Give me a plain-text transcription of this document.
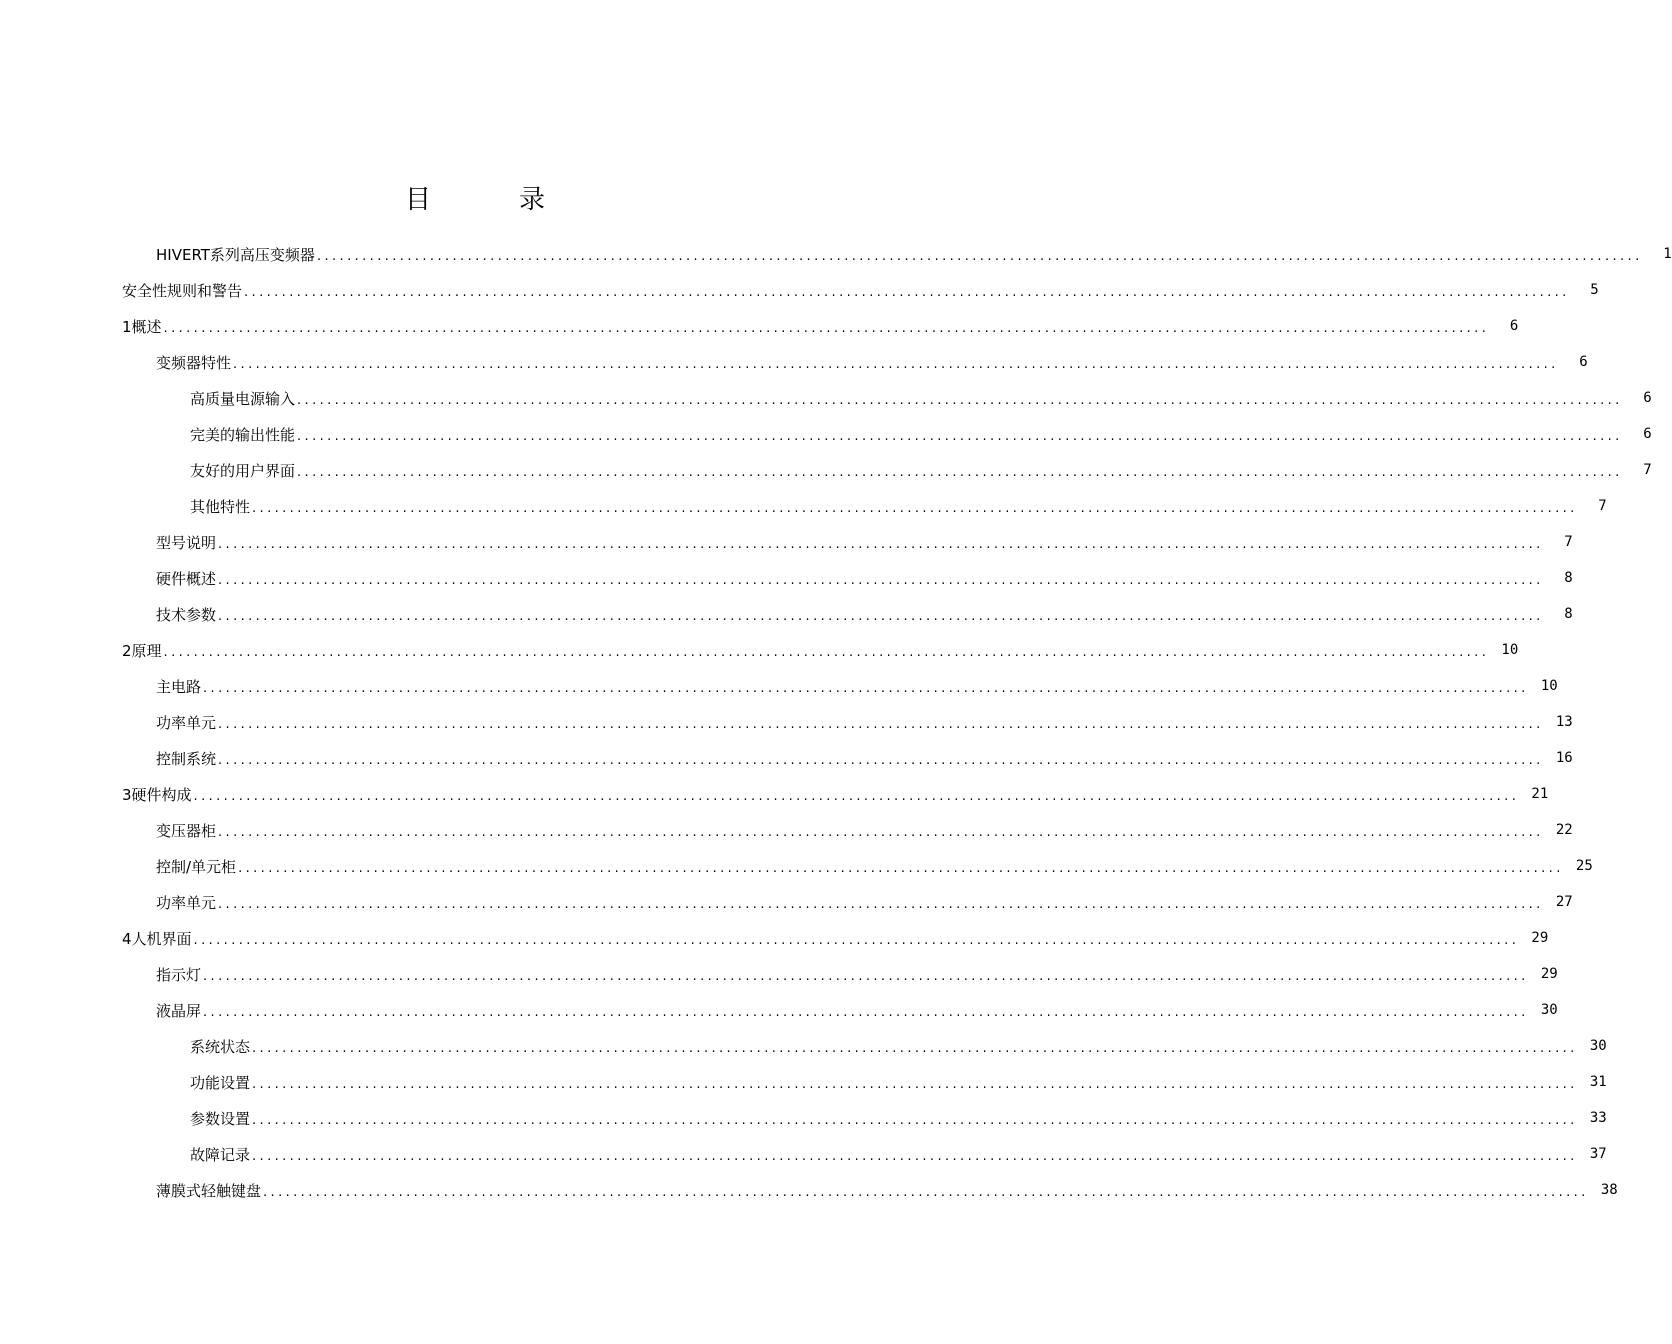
目	录
HIVERT系列高压变频器 ................................................................................................................................................................................	1
安全性规则和警告 ................................................................................................................................................................................	5
1概述 ................................................................................................................................................................................	6
变频器特性 ................................................................................................................................................................................	6
高质量电源输入 ................................................................................................................................................................................	6
完美的输出性能 ................................................................................................................................................................................	6
友好的用户界面 ................................................................................................................................................................................	7
其他特性 ................................................................................................................................................................................	7
型号说明 ................................................................................................................................................................................	7
硬件概述 ................................................................................................................................................................................	8
技术参数 ................................................................................................................................................................................	8
2原理 ................................................................................................................................................................................ 10
主电路 ................................................................................................................................................................................ 10
功率单元 ................................................................................................................................................................................ 13
控制系统 ................................................................................................................................................................................ 16
3硬件构成 ................................................................................................................................................................................ 21
变压器柜 ................................................................................................................................................................................ 22
控制/单元柜 ................................................................................................................................................................................ 25
功率单元 ................................................................................................................................................................................ 27
4人机界面 ................................................................................................................................................................................ 29
指示灯 ................................................................................................................................................................................ 29
液晶屏 ................................................................................................................................................................................ 30
系统状态 ................................................................................................................................................................................ 30
功能设置 ................................................................................................................................................................................ 31
参数设置 ................................................................................................................................................................................ 33
故障记录 ................................................................................................................................................................................ 37
薄膜式轻触键盘 ................................................................................................................................................................................ 38
